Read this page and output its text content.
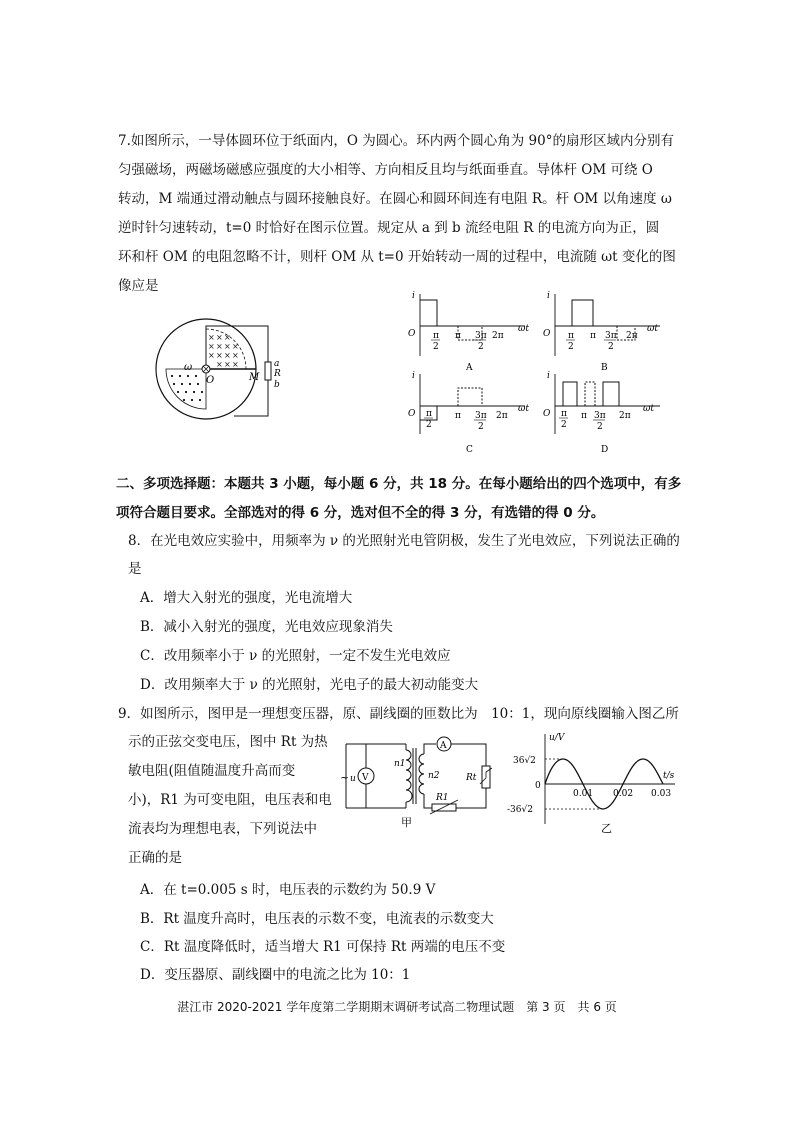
7.如图所示，一导体圆环位于纸面内，O 为圆心。环内两个圆心角为 90°的扇形区域内分别有
匀强磁场，两磁场磁感应强度的大小相等、方向相反且均与纸面垂直。导体杆 OM 可绕 O
转动，M 端通过滑动触点与圆环接触良好。在圆心和圆环间连有电阻 R。杆 OM 以角速度 ω
逆时针匀速转动，t=0 时恰好在图示位置。规定从 a 到 b 流经电阻 R 的电流方向为正，圆
环和杆 OM 的电阻忽略不计，则杆 OM 从 t=0 开始转动一周的过程中，电流随 ωt 变化的图
像应是
× × ×
× × × ×
× × × ×
× × ×
ω
O	M
a
R
b
i
O	ωt
π
2
π 3π
2
2π
A
i
O	ωt
π
2
π 3π
2
2π
B
i
O	ωt
π
2
π 3π
2
2π
C
i
O	ωt
π
2
π 3π
2
2π
D
二、多项选择题：本题共 3 小题，每小题 6 分，共 18 分。在每小题给出的四个选项中，有多
项符合题目要求。全部选对的得 6 分，选对但不全的得 3 分，有选错的得 0 分。
8．在光电效应实验中，用频率为 ν 的光照射光电管阴极，发生了光电效应，下列说法正确的
是
A．增大入射光的强度，光电流增大
B．减小入射光的强度，光电效应现象消失
C．改用频率小于 ν 的光照射，一定不发生光电效应
D．改用频率大于 ν 的光照射，光电子的最大初动能变大
9．如图所示，图甲是一理想变压器，原、副线圈的匝数比为　10：1，现向原线圈输入图乙所
示的正弦交变电压，图中 Rt 为热
敏电阻(阻值随温度升高而变
小)，R1 为可变电阻，电压表和电
流表均为理想电表，下列说法中
正确的是
~ u V
n1
n2
A
Rt
R1
甲
u/V
t/s
36√2
-36√2
0
0.01 0.02 0.03
乙
A．在 t=0.005 s 时，电压表的示数约为 50.9 V
B．Rt 温度升高时，电压表的示数不变，电流表的示数变大
C．Rt 温度降低时，适当增大 R1 可保持 Rt 两端的电压不变
D．变压器原、副线圈中的电流之比为 10：1
湛江市 2020-2021 学年度第二学期期末调研考试高二物理试题　第 3 页　共 6 页
